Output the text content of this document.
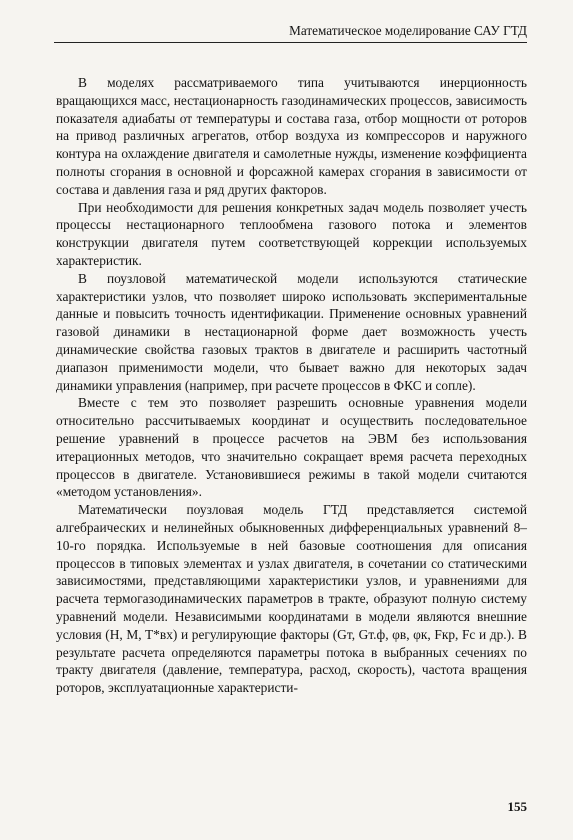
Математическое моделирование САУ ГТД

В моделях рассматриваемого типа учитываются инерционность вращающихся масс, нестационарность газодинамических процессов, зависимость показателя адиабаты от температуры и состава газа, отбор мощности от роторов на привод различных агрегатов, отбор воздуха из компрессоров и наружного контура на охлаждение двигателя и самолетные нужды, изменение коэффициента полноты сгорания в основной и форсажной камерах сгорания в зависимости от состава и давления газа и ряд других факторов.

При необходимости для решения конкретных задач модель позволяет учесть процессы нестационарного теплообмена газового потока и элементов конструкции двигателя путем соответствующей коррекции используемых характеристик.

В поузловой математической модели используются статические характеристики узлов, что позволяет широко использовать экспериментальные данные и повысить точность идентификации. Применение основных уравнений газовой динамики в нестационарной форме дает возможность учесть динамические свойства газовых трактов в двигателе и расширить частотный диапазон применимости модели, что бывает важно для некоторых задач динамики управления (например, при расчете процессов в ФКС и сопле).

Вместе с тем это позволяет разрешить основные уравнения модели относительно рассчитываемых координат и осуществить последовательное решение уравнений в процессе расчетов на ЭВМ без использования итерационных методов, что значительно сокращает время расчета переходных процессов в двигателе. Установившиеся режимы в такой модели считаются «методом установления».

Математически поузловая модель ГТД представляется системой алгебраических и нелинейных обыкновенных дифференциальных уравнений 8–10-го порядка. Используемые в ней базовые соотношения для описания процессов в типовых элементах и узлах двигателя, в сочетании со статическими зависимостями, представляющими характеристики узлов, и уравнениями для расчета термогазодинамических параметров в тракте, образуют полную систему уравнений модели. Независимыми координатами в модели являются внешние условия (H, M, T*вх) и регулирующие факторы (Gт, Gт.ф, φв, φк, Fкр, Fс и др.). В результате расчета определяются параметры потока в выбранных сечениях по тракту двигателя (давление, температура, расход, скорость), частота вращения роторов, эксплуатационные характеристи-

155
